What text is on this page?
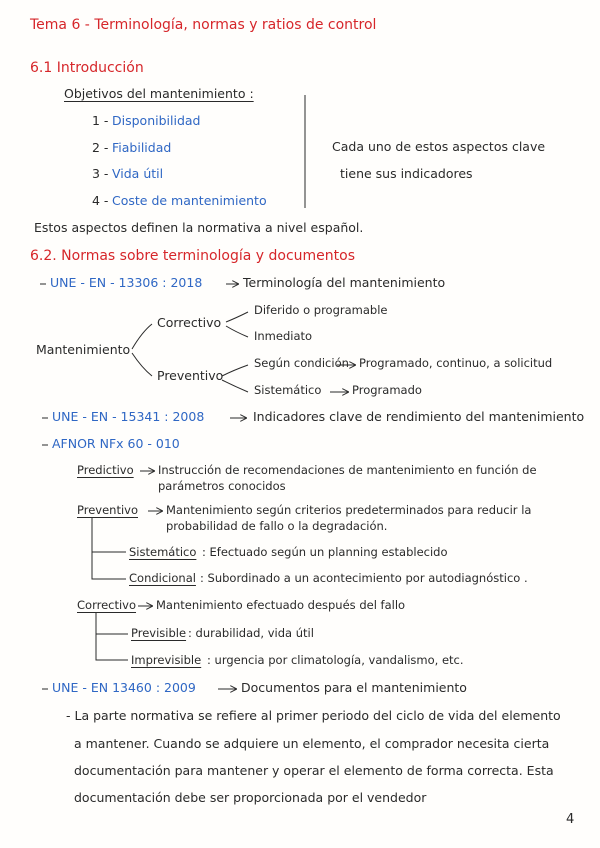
Tema 6 - Terminología, normas y ratios de control
6.1 Introducción
Objetivos del mantenimiento :
1 - Disponibilidad
2 - Fiabilidad
3 - Vida útil
4 - Coste de mantenimiento
Cada uno de estos aspectos clave
tiene sus indicadores
Estos aspectos definen la normativa a nivel español.
6.2. Normas sobre terminología y documentos
UNE - EN - 13306 : 2018	Terminología del mantenimiento
Mantenimiento
Correctivo
Diferido o programable
Inmediato
Preventivo
Según condición Programado, continuo, a solicitud
Sistemático	Programado
UNE - EN - 15341 : 2008	Indicadores clave de rendimiento del mantenimiento
AFNOR NFx 60 - 010
Predictivo Instrucción de recomendaciones de mantenimiento en función de
parámetros conocidos
Preventivo Mantenimiento según criterios predeterminados para reducir la
probabilidad de fallo o la degradación.
Sistemático : Efectuado según un planning establecido
Condicional : Subordinado a un acontecimiento por autodiagnóstico .
Correctivo Mantenimiento efectuado después del fallo
Previsible : durabilidad, vida útil
Imprevisible : urgencia por climatología, vandalismo, etc.
UNE - EN 13460 : 2009	Documentos para el mantenimiento
- La parte normativa se refiere al primer periodo del ciclo de vida del elemento
a mantener. Cuando se adquiere un elemento, el comprador necesita cierta
documentación para mantener y operar el elemento de forma correcta. Esta
documentación debe ser proporcionada por el vendedor
4
